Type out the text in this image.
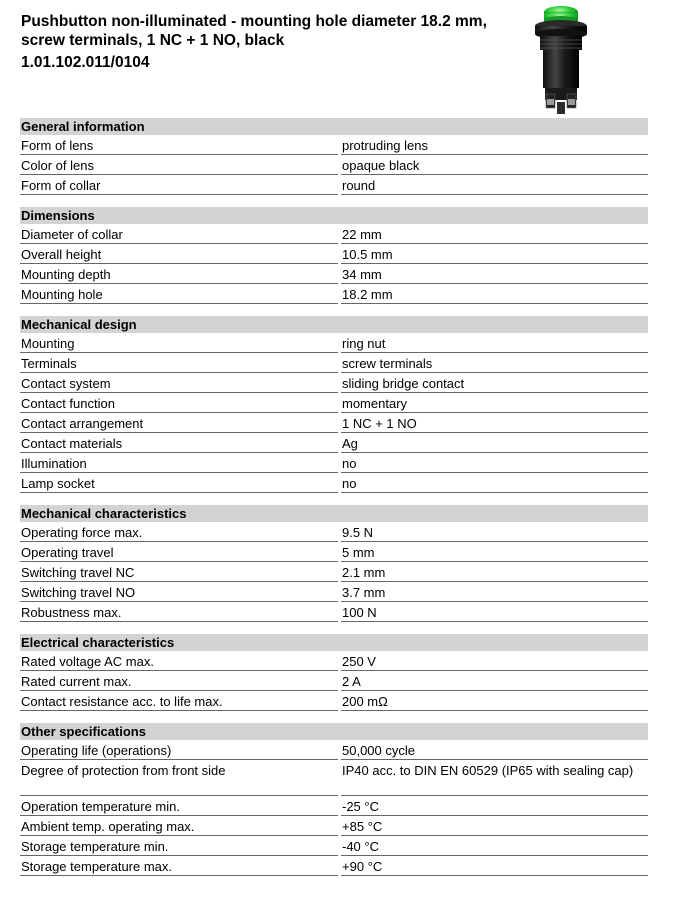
Pushbutton non-illuminated - mounting hole diameter 18.2 mm, screw terminals, 1 NC + 1 NO, black
1.01.102.011/0104
General information
Form of lens	protruding lens
Color of lens	opaque black
Form of collar	round
Dimensions
Diameter of collar	22 mm
Overall height	10.5 mm
Mounting depth	34 mm
Mounting hole	18.2 mm
Mechanical design
Mounting	ring nut
Terminals	screw terminals
Contact system	sliding bridge contact
Contact function	momentary
Contact arrangement	1 NC + 1 NO
Contact materials	Ag
Illumination	no
Lamp socket	no
Mechanical characteristics
Operating force max.	9.5 N
Operating travel	5 mm
Switching travel NC	2.1 mm
Switching travel NO	3.7 mm
Robustness max.	100 N
Electrical characteristics
Rated voltage AC max.	250 V
Rated current max.	2 A
Contact resistance acc. to life max.	200 mΩ
Other specifications
Operating life (operations)	50,000 cycle
Degree of protection from front side	IP40 acc. to DIN EN 60529 (IP65 with sealing cap)
Operation temperature min.	-25 °C
Ambient temp. operating max.	+85 °C
Storage temperature min.	-40 °C
Storage temperature max.	+90 °C
